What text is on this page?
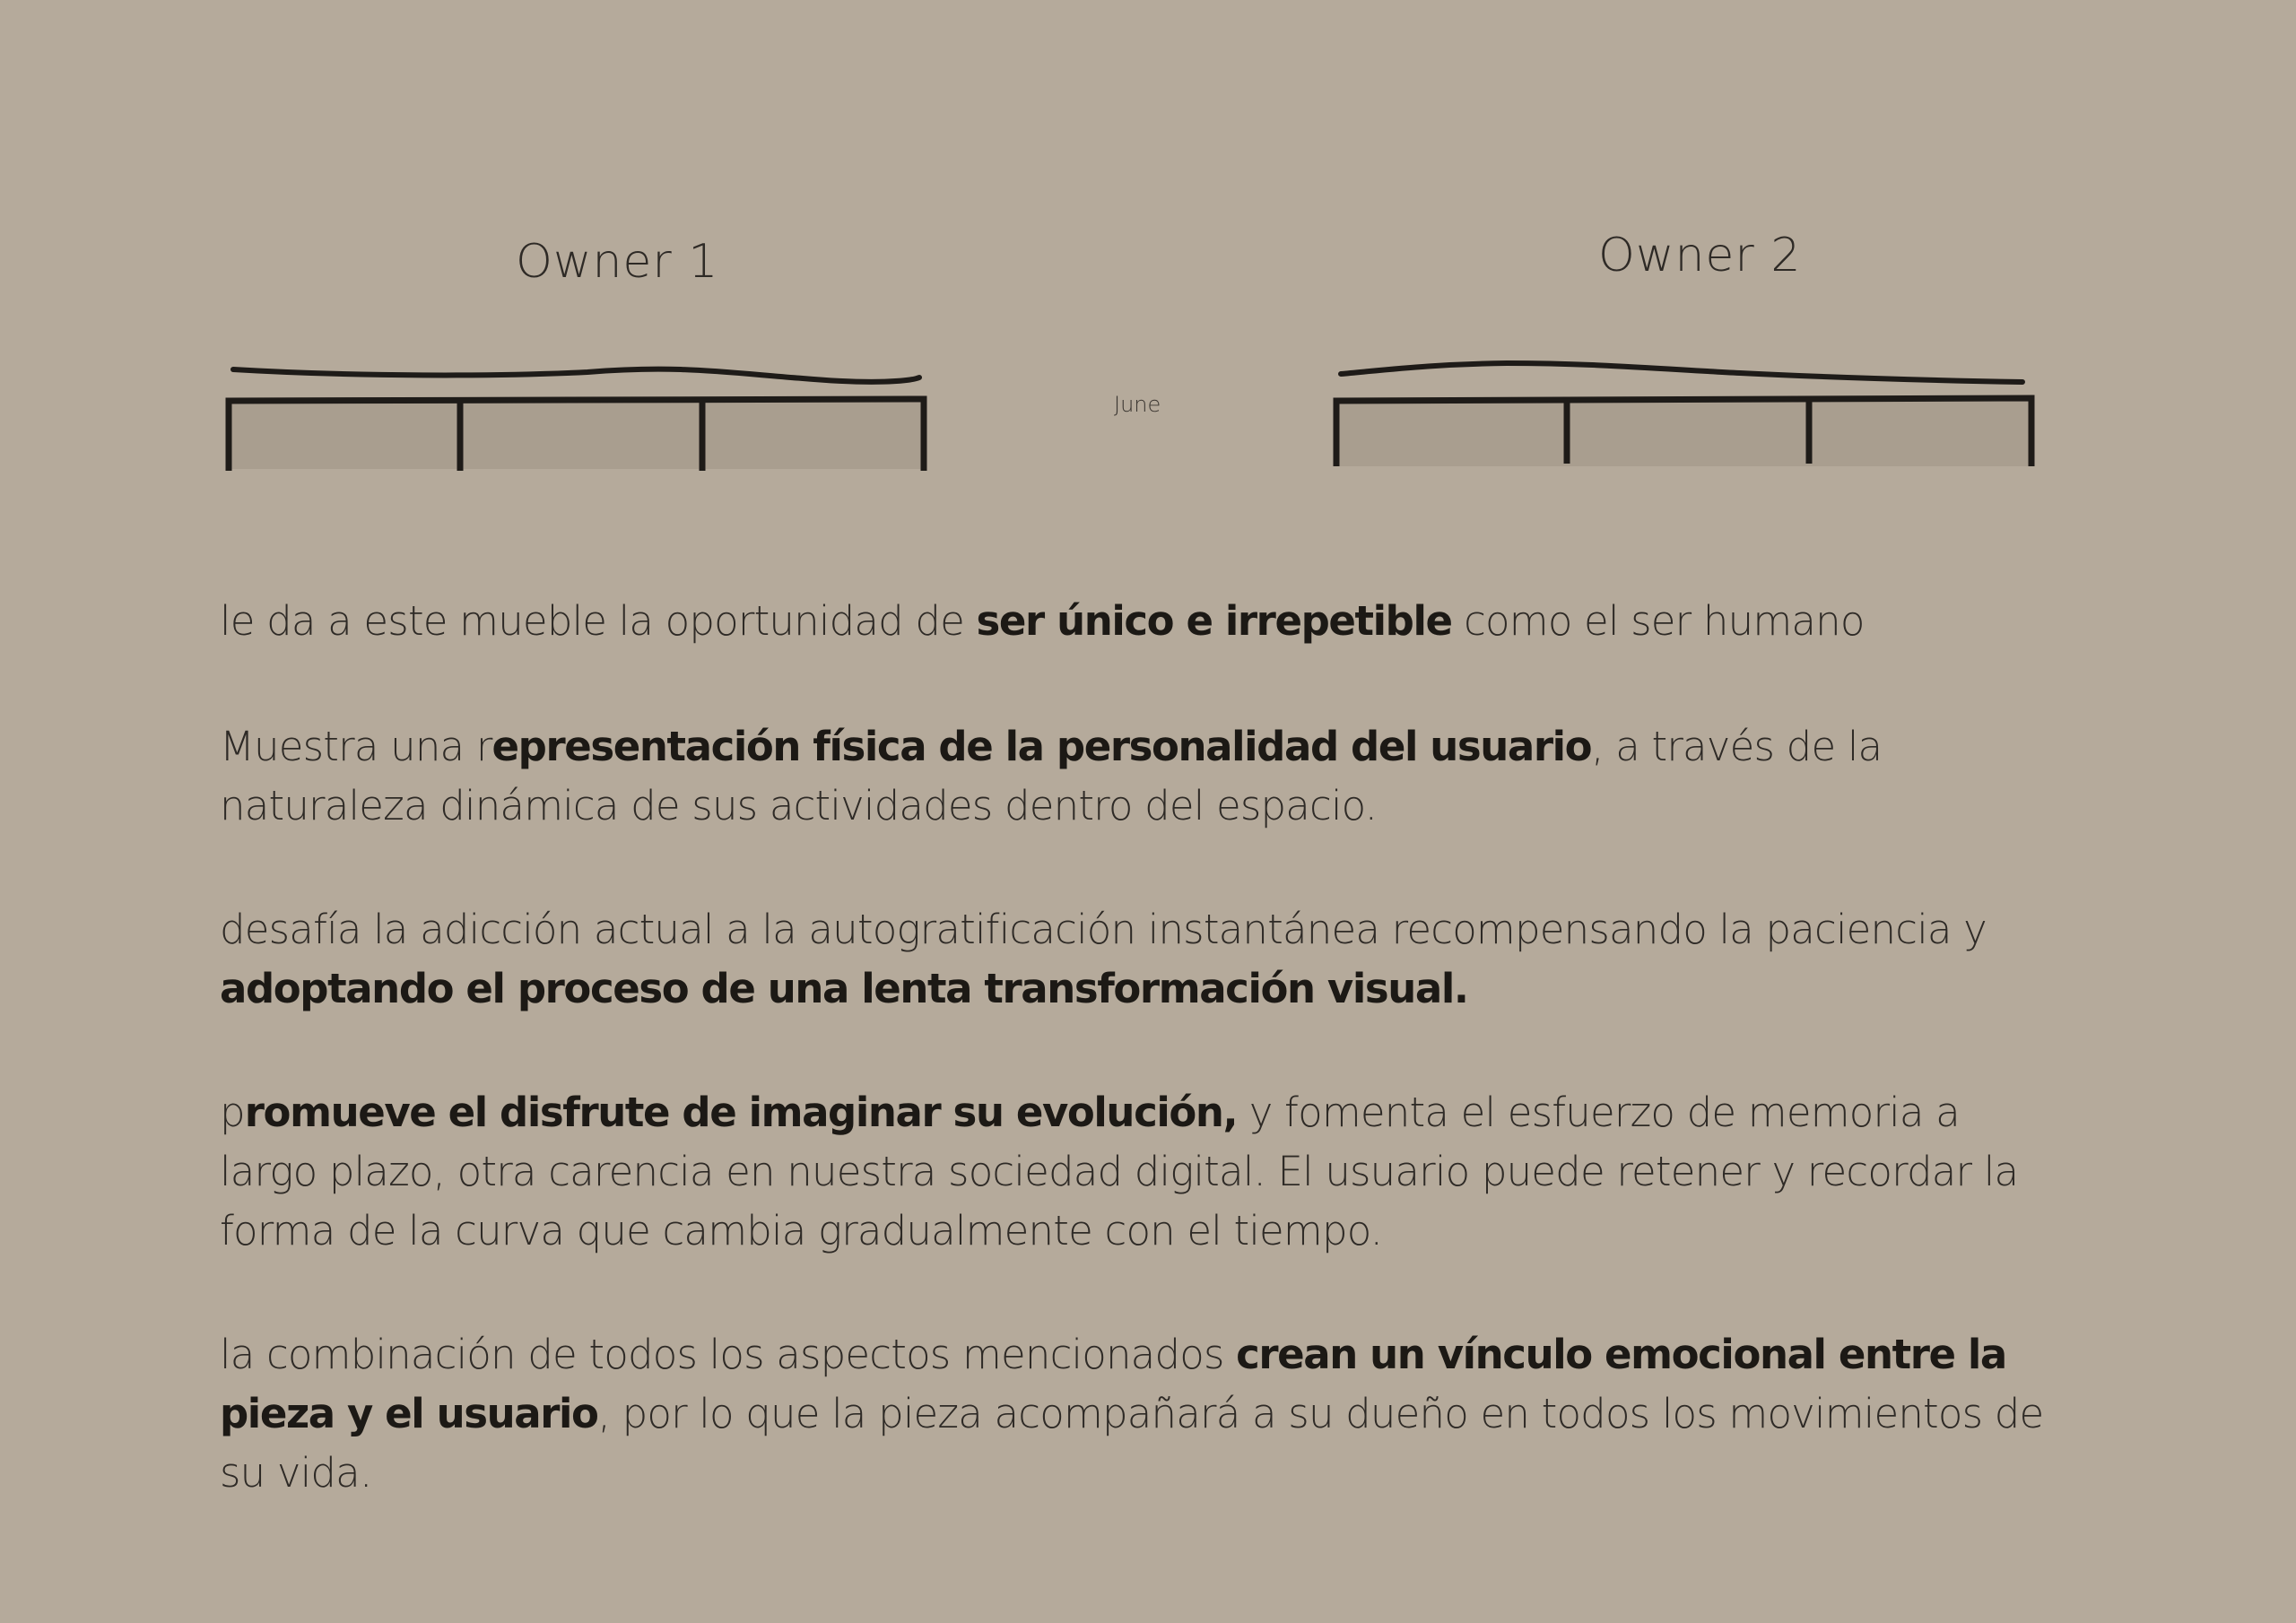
Owner 1	Owner 2
June

le da a este mueble la oportunidad de ser único e irrepetible como el ser humano

Muestra una representación física de la personalidad del usuario, a través de la naturaleza dinámica de sus actividades dentro del espacio.

desafía la adicción actual a la autogratificación instantánea recompensando la paciencia y adoptando el proceso de una lenta transformación visual.

promueve el disfrute de imaginar su evolución, y fomenta el esfuerzo de memoria a largo plazo, otra carencia en nuestra sociedad digital. El usuario puede retener y recordar la forma de la curva que cambia gradualmente con el tiempo.

la combinación de todos los aspectos mencionados crean un vínculo emocional entre la pieza y el usuario, por lo que la pieza acompañará a su dueño en todos los movimientos de su vida.
